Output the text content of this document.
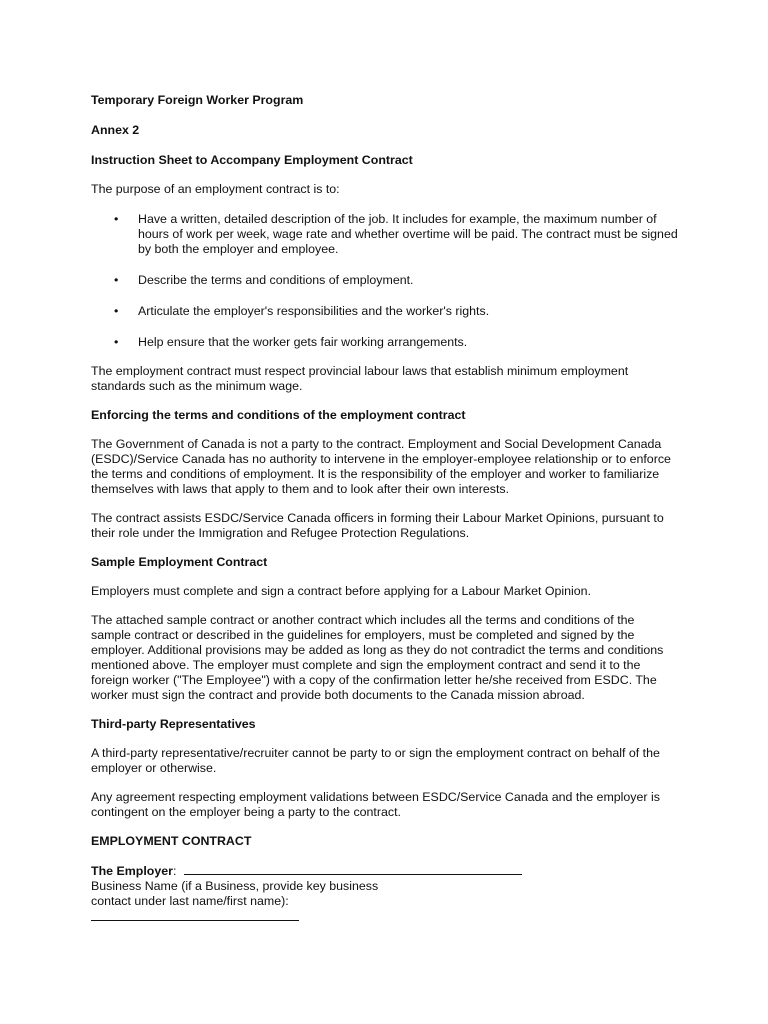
Temporary Foreign Worker Program

Annex 2

Instruction Sheet to Accompany Employment Contract

The purpose of an employment contract is to:

• Have a written, detailed description of the job. It includes for example, the maximum number of hours of work per week, wage rate and whether overtime will be paid. The contract must be signed by both the employer and employee.
• Describe the terms and conditions of employment.
• Articulate the employer's responsibilities and the worker's rights.
• Help ensure that the worker gets fair working arrangements.

The employment contract must respect provincial labour laws that establish minimum employment standards such as the minimum wage.

Enforcing the terms and conditions of the employment contract

The Government of Canada is not a party to the contract. Employment and Social Development Canada (ESDC)/Service Canada has no authority to intervene in the employer-employee relationship or to enforce the terms and conditions of employment. It is the responsibility of the employer and worker to familiarize themselves with laws that apply to them and to look after their own interests.

The contract assists ESDC/Service Canada officers in forming their Labour Market Opinions, pursuant to their role under the Immigration and Refugee Protection Regulations.

Sample Employment Contract

Employers must complete and sign a contract before applying for a Labour Market Opinion.

The attached sample contract or another contract which includes all the terms and conditions of the sample contract or described in the guidelines for employers, must be completed and signed by the employer. Additional provisions may be added as long as they do not contradict the terms and conditions mentioned above. The employer must complete and sign the employment contract and send it to the foreign worker ("The Employee") with a copy of the confirmation letter he/she received from ESDC. The worker must sign the contract and provide both documents to the Canada mission abroad.

Third-party Representatives

A third-party representative/recruiter cannot be party to or sign the employment contract on behalf of the employer or otherwise.

Any agreement respecting employment validations between ESDC/Service Canada and the employer is contingent on the employer being a party to the contract.

EMPLOYMENT CONTRACT

The Employer:
Business Name (if a Business, provide key business
contact under last name/first name):
